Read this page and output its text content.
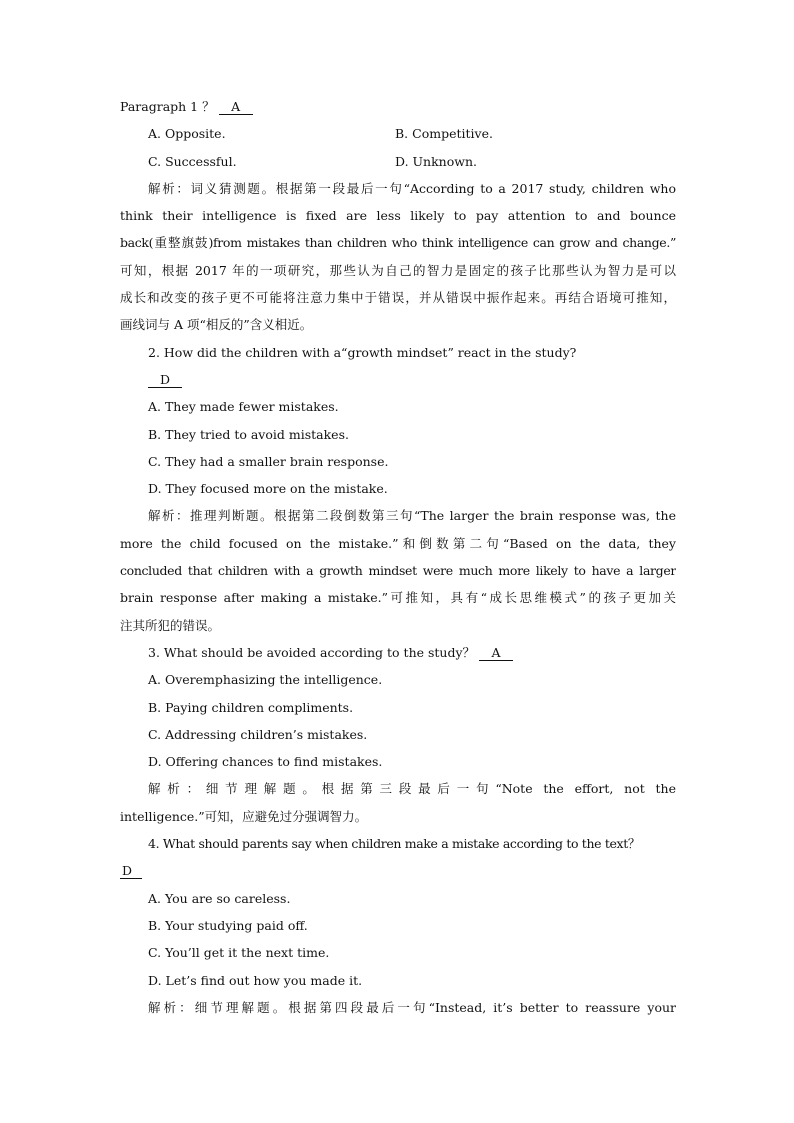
Paragraph 1 ？ A
A. Opposite.	B. Competitive.
C. Successful.	D. Unknown.
解析：词义猜测题。根据第一段最后一句“According to a 2017 study, children who
think their intelligence is fixed are less likely to pay attention to and bounce
back(重整旗鼓)from mistakes than children who think intelligence can grow and change.”
可知，根据 2017 年的一项研究，那些认为自己的智力是固定的孩子比那些认为智力是可以
成长和改变的孩子更不可能将注意力集中于错误，并从错误中振作起来。再结合语境可推知，
画线词与 A 项“相反的”含义相近。
2. How did the children with a“growth mindset” react in the study?
D
A. They made fewer mistakes.
B. They tried to avoid mistakes.
C. They had a smaller brain response.
D. They focused more on the mistake.
解析：推理判断题。根据第二段倒数第三句“The larger the brain response was, the
more the child focused on the mistake.”和倒数第二句“Based on the data, they
concluded that children with a growth mindset were much more likely to have a larger
brain response after making a mistake.”可推知，具有“成长思维模式”的孩子更加关
注其所犯的错误。
3. What should be avoided according to the study？ A
A. Overemphasizing the intelligence.
B. Paying children compliments.
C. Addressing children’s mistakes.
D. Offering chances to find mistakes.
解析：细节理解题。根据第三段最后一句“Note the effort, not the
intelligence.”可知，应避免过分强调智力。
4. What should parents say when children make a mistake according to the text？
D
A. You are so careless.
B. Your studying paid off.
C. You’ll get it the next time.
D. Let’s find out how you made it.
解析：细节理解题。根据第四段最后一句“Instead, it’s better to reassure your
